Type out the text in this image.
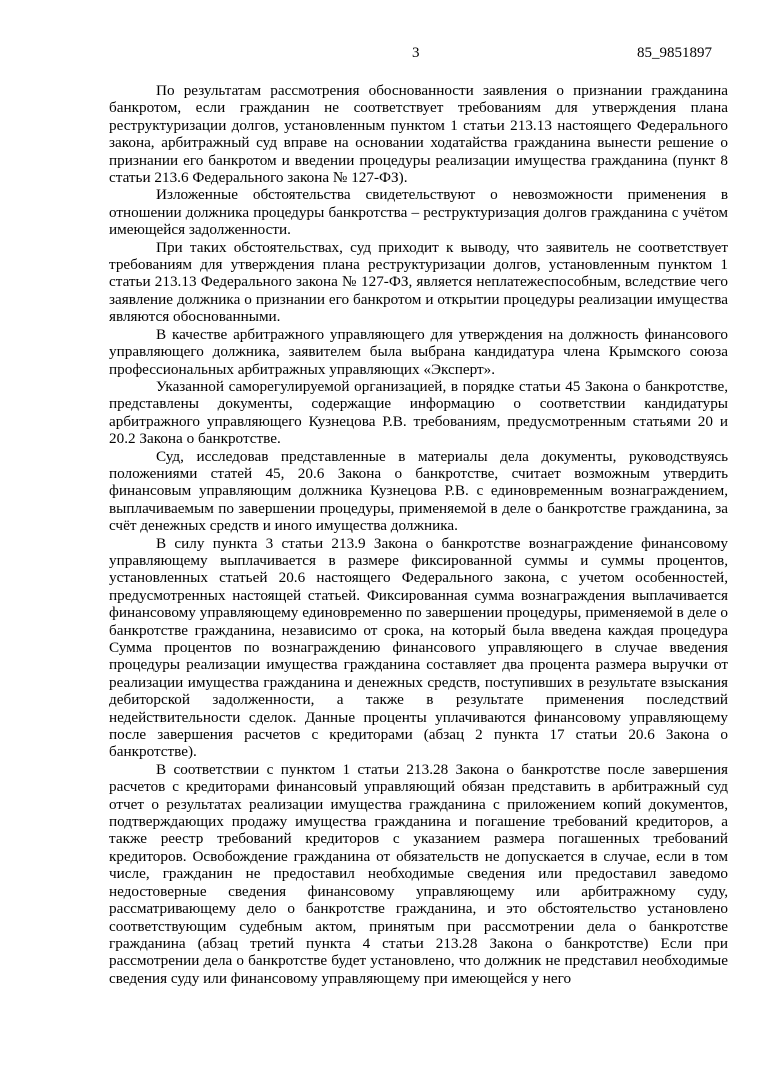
3	85_9851897

По результатам рассмотрения обоснованности заявления о признании гражданина банкротом, если гражданин не соответствует требованиям для утверждения плана реструктуризации долгов, установленным пунктом 1 статьи 213.13 настоящего Федерального закона, арбитражный суд вправе на основании ходатайства гражданина вынести решение о признании его банкротом и введении процедуры реализации имущества гражданина (пункт 8 статьи 213.6 Федерального закона № 127-ФЗ).

Изложенные обстоятельства свидетельствуют о невозможности применения в отношении должника процедуры банкротства – реструктуризация долгов гражданина с учётом имеющейся задолженности.

При таких обстоятельствах, суд приходит к выводу, что заявитель не соответствует требованиям для утверждения плана реструктуризации долгов, установленным пунктом 1 статьи 213.13 Федерального закона № 127-ФЗ, является неплатежеспособным, вследствие чего заявление должника о признании его банкротом и открытии процедуры реализации имущества являются обоснованными.

В качестве арбитражного управляющего для утверждения на должность финансового управляющего должника, заявителем была выбрана кандидатура члена Крымского союза профессиональных арбитражных управляющих «Эксперт».

Указанной саморегулируемой организацией, в порядке статьи 45 Закона о банкротстве, представлены документы, содержащие информацию о соответствии кандидатуры арбитражного управляющего Кузнецова Р.В. требованиям, предусмотренным статьями 20 и 20.2 Закона о банкротстве.

Суд, исследовав представленные в материалы дела документы, руководствуясь положениями статей 45, 20.6 Закона о банкротстве, считает возможным утвердить финансовым управляющим должника Кузнецова Р.В. с единовременным вознаграждением, выплачиваемым по завершении процедуры, применяемой в деле о банкротстве гражданина, за счёт денежных средств и иного имущества должника.

В силу пункта 3 статьи 213.9 Закона о банкротстве вознаграждение финансовому управляющему выплачивается в размере фиксированной суммы и суммы процентов, установленных статьей 20.6 настоящего Федерального закона, с учетом особенностей, предусмотренных настоящей статьей. Фиксированная сумма вознаграждения выплачивается финансовому управляющему единовременно по завершении процедуры, применяемой в деле о банкротстве гражданина, независимо от срока, на который была введена каждая процедура Сумма процентов по вознаграждению финансового управляющего в случае введения процедуры реализации имущества гражданина составляет два процента размера выручки от реализации имущества гражданина и денежных средств, поступивших в результате взыскания дебиторской задолженности, а также в результате применения последствий недействительности сделок. Данные проценты уплачиваются финансовому управляющему после завершения расчетов с кредиторами (абзац 2 пункта 17 статьи 20.6 Закона о банкротстве).

В соответствии с пунктом 1 статьи 213.28 Закона о банкротстве после завершения расчетов с кредиторами финансовый управляющий обязан представить в арбитражный суд отчет о результатах реализации имущества гражданина с приложением копий документов, подтверждающих продажу имущества гражданина и погашение требований кредиторов, а также реестр требований кредиторов с указанием размера погашенных требований кредиторов. Освобождение гражданина от обязательств не допускается в случае, если в том числе, гражданин не предоставил необходимые сведения или предоставил заведомо недостоверные сведения финансовому управляющему или арбитражному суду, рассматривающему дело о банкротстве гражданина, и это обстоятельство установлено соответствующим судебным актом, принятым при рассмотрении дела о банкротстве гражданина (абзац третий пункта 4 статьи 213.28 Закона о банкротстве) Если при рассмотрении дела о банкротстве будет установлено, что должник не представил необходимые сведения суду или финансовому управляющему при имеющейся у него
